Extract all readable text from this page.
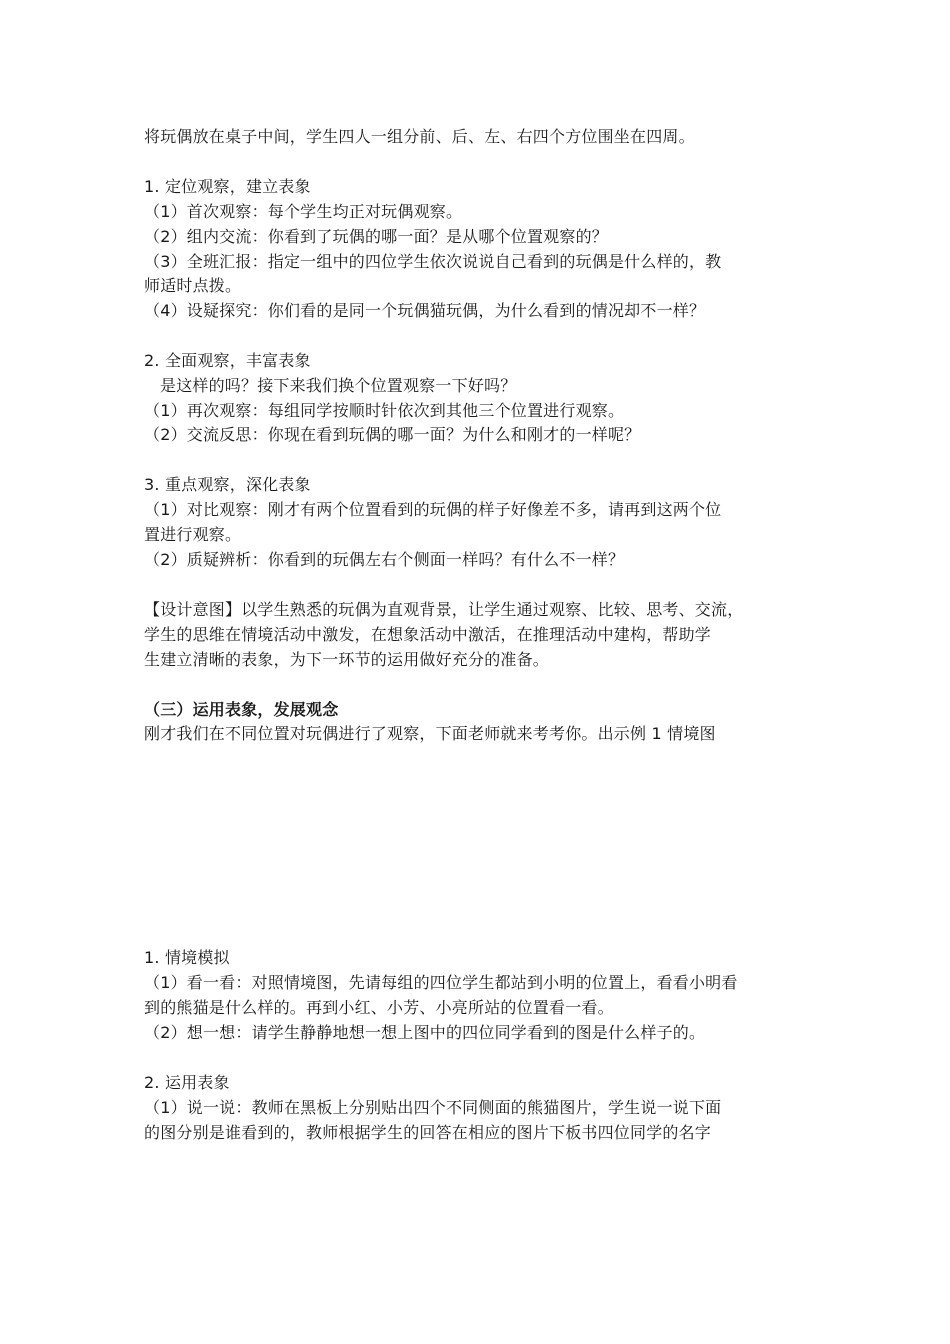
将玩偶放在桌子中间，学生四人一组分前、后、左、右四个方位围坐在四周。
1. 定位观察，建立表象
（1）首次观察：每个学生均正对玩偶观察。
（2）组内交流：你看到了玩偶的哪一面？是从哪个位置观察的？
（3）全班汇报：指定一组中的四位学生依次说说自己看到的玩偶是什么样的，教
师适时点拨。
（4）设疑探究：你们看的是同一个玩偶猫玩偶，为什么看到的情况却不一样？
2. 全面观察，丰富表象
是这样的吗？接下来我们换个位置观察一下好吗？
（1）再次观察：每组同学按顺时针依次到其他三个位置进行观察。
（2）交流反思：你现在看到玩偶的哪一面？为什么和刚才的一样呢？
3. 重点观察，深化表象
（1）对比观察：刚才有两个位置看到的玩偶的样子好像差不多，请再到这两个位
置进行观察。
（2）质疑辨析：你看到的玩偶左右个侧面一样吗？有什么不一样？
【设计意图】以学生熟悉的玩偶为直观背景，让学生通过观察、比较、思考、交流，
学生的思维在情境活动中激发，在想象活动中激活，在推理活动中建构，帮助学
生建立清晰的表象，为下一环节的运用做好充分的准备。
（三）运用表象，发展观念
刚才我们在不同位置对玩偶进行了观察，下面老师就来考考你。出示例 1 情境图
1. 情境模拟
（1）看一看：对照情境图，先请每组的四位学生都站到小明的位置上，看看小明看
到的熊猫是什么样的。再到小红、小芳、小亮所站的位置看一看。
（2）想一想：请学生静静地想一想上图中的四位同学看到的图是什么样子的。
2. 运用表象
（1）说一说：教师在黑板上分别贴出四个不同侧面的熊猫图片，学生说一说下面
的图分别是谁看到的，教师根据学生的回答在相应的图片下板书四位同学的名字
